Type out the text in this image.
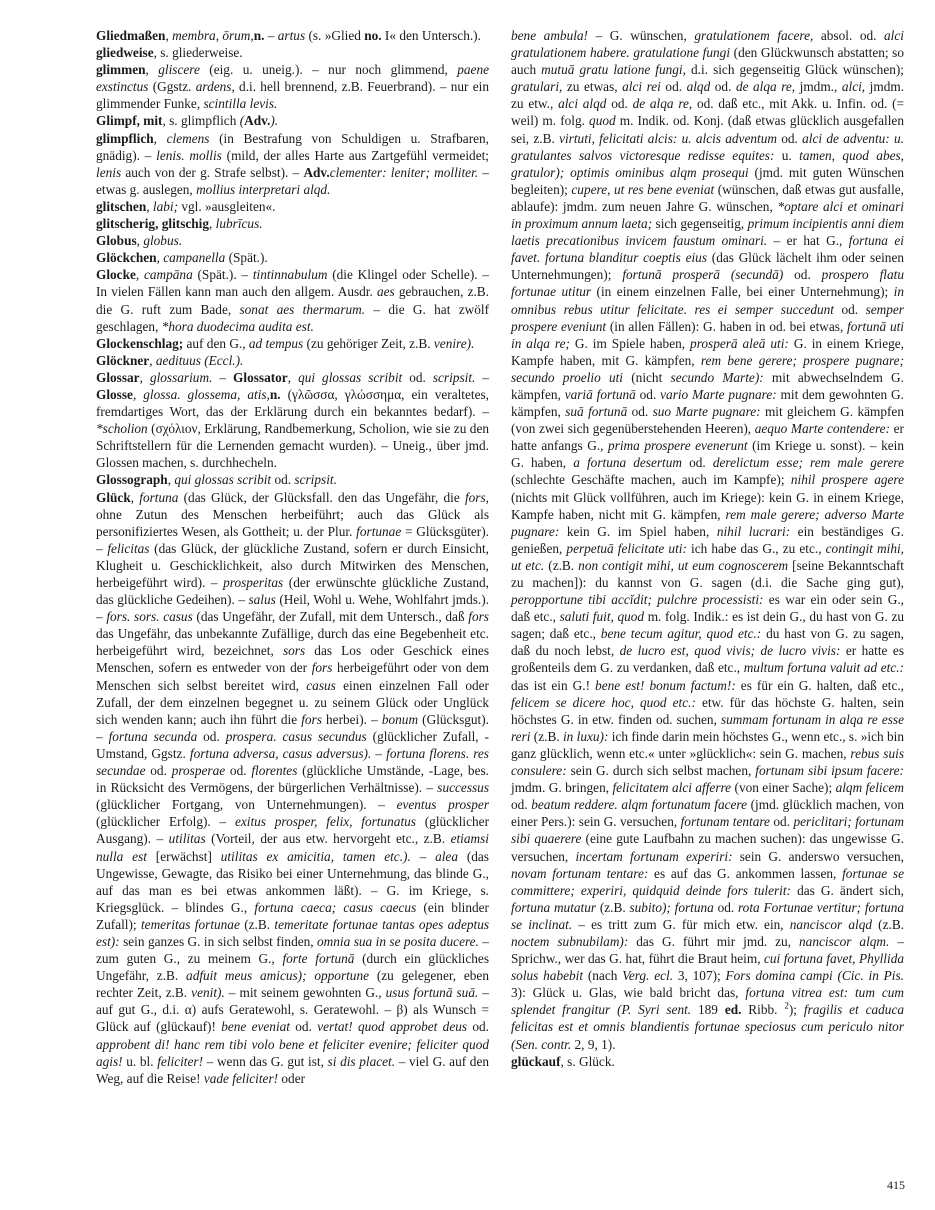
Gliedmaßen, membra, ōrum,n. – artus (s. »Glied no. I« den Untersch.).
gliedweise, s. gliederweise.
glimmen, gliscere (eig. u. uneig.). – nur noch glimmend, paene exstinctus (Ggstz. ardens, d.i. hell brennend, z.B. Feuerbrand). – nur ein glimmender Funke, scintilla levis.
Glimpf, mit, s. glimpflich (Adv.).
glimpflich, clemens (in Bestrafung von Schuldigen u. Strafbaren, gnädig). – lenis. mollis (mild, der alles Harte aus Zartgefühl vermeidet; lenis auch von der g. Strafe selbst). – Adv.clementer: leniter; molliter. – etwas g. auslegen, mollius interpretari alqd.
glitschen, labi; vgl. »ausgleiten«.
glitscherig, glitschig, lubrīcus.
Globus, globus.
Glöckchen, campanella (Spät.).
Glocke, campāna (Spät.). – tintinnabulum (die Klingel oder Schelle). – In vielen Fällen kann man auch den allgem. Ausdr. aes gebrauchen, z.B. die G. ruft zum Bade, sonat aes thermarum. – die G. hat zwölf geschlagen, *hora duodecima audita est.
Glockenschlag; auf den G., ad tempus (zu gehöriger Zeit, z.B. venire).
Glöckner, aedituus (Eccl.).
Glossar, glossarium. – Glossator, qui glossas scribit od. scripsit. – Glosse, glossa. glossema, atis,n. (γλῶσσα, γλώσσημα, ein veraltetes, fremdartiges Wort, das der Erklärung durch ein bekanntes bedarf). – *scholion (σχόλιον, Erklärung, Randbemerkung, Scholion, wie sie zu den Schriftstellern für die Lernenden gemacht wurden). – Uneig., über jmd. Glossen machen, s. durchhecheln.
Glossograph, qui glossas scribit od. scripsit.
Glück, fortuna (das Glück, der Glücksfall. den das Ungefähr, die fors, ohne Zutun des Menschen herbeiführt; auch das Glück als personifiziertes Wesen, als Gottheit; u. der Plur. fortunae = Glücksgüter). – felicitas (das Glück, der glückliche Zustand, sofern er durch Einsicht, Klugheit u. Geschicklichkeit, also durch Mitwirken des Menschen, herbeigeführt wird). – prosperitas (der erwünschte glückliche Zustand, das glückliche Gedeihen). – salus (Heil, Wohl u. Wehe, Wohlfahrt jmds.). – fors. sors. casus (das Ungefähr, der Zufall, mit dem Untersch., daß fors das Ungefähr, das unbekannte Zufällige, durch das eine Begebenheit etc. herbeigeführt wird, bezeichnet, sors das Los oder Geschick eines Menschen, sofern es entweder von der fors herbeigeführt oder von dem Menschen sich selbst bereitet wird, casus einen einzelnen Fall oder Zufall, der dem einzelnen begegnet u. zu seinem Glück oder Unglück sich wenden kann; auch ihn führt die fors herbei). – bonum (Glücksgut). – fortuna secunda od. prospera. casus secundus (glücklicher Zufall, -Umstand, Ggstz. fortuna adversa, casus adversus). – fortuna florens. res secundae od. prosperae od. florentes (glückliche Umstände, -Lage, bes. in Rücksicht des Vermögens, der bürgerlichen Verhältnisse). – successus (glücklicher Fortgang, von Unternehmungen). – eventus prosper (glücklicher Erfolg). – exitus prosper, felix, fortunatus (glücklicher Ausgang). – utilitas (Vorteil, der aus etw. hervorgeht etc., z.B. etiamsi nulla est [erwächst] utilitas ex amicitia, tamen etc.). – alea (das Ungewisse, Gewagte, das Risiko bei einer Unternehmung, das blinde G., auf das man es bei etwas ankommen läßt). – G. im Kriege, s. Kriegsglück. – blindes G., fortuna caeca; casus caecus (ein blinder Zufall); temeritas fortunae (z.B. temeritate fortunae tantas opes adeptus est): sein ganzes G. in sich selbst finden, omnia sua in se posita ducere. – zum guten G., zu meinem G., forte fortunā (durch ein glückliches Ungefähr, z.B. adfuit meus amicus); opportune (zu gelegener, eben rechter Zeit, z.B. venit). – mit seinem gewohnten G., usus fortunā suā. – auf gut G., d.i. α) aufs Geratewohl, s. Geratewohl. – β) als Wunsch = Glück auf (glückauf)! bene eveniat od. vertat! quod approbet deus od. approbent di! hanc rem tibi volo bene et feliciter evenire; feliciter quod agis! u. bl. feliciter! – wenn das G. gut ist, si dis placet. – viel G. auf den Weg, auf die Reise! vade feliciter! oder
bene ambula! – G. wünschen, gratulationem facere, absol. od. alci gratulationem habere. gratulatione fungi (den Glückwunsch abstatten; so auch mutuā gratu latione fungi, d.i. sich gegenseitig Glück wünschen); gratulari, zu etwas, alci rei od. alqd od. de alqa re, jmdm., alci, jmdm. zu etw., alci alqd od. de alqa re, od. daß etc., mit Akk. u. Infin. od. (= weil) m. folg. quod m. Indik. od. Konj. (daß etwas glücklich ausgefallen sei, z.B. virtuti, felicitati alcis: u. alcis adventum od. alci de adventu: u. gratulantes salvos victoresque redisse equites: u. tamen, quod abes, gratulor); optimis ominibus alqm prosequi (jmd. mit guten Wünschen begleiten); cupere, ut res bene eveniat (wünschen, daß etwas gut ausfalle, ablaufe): jmdm. zum neuen Jahre G. wünschen, *optare alci et ominari in proximum annum laeta; sich gegenseitig, primum incipientis anni diem laetis precationibus invicem faustum ominari. – er hat G., fortuna ei favet. fortuna blanditur coeptis eius (das Glück lächelt ihm oder seinen Unternehmungen); fortunā prosperā (secundā) od. prospero flatu fortunae utitur (in einem einzelnen Falle, bei einer Unternehmung); in omnibus rebus utitur felicitate. res ei semper succedunt od. semper prospere eveniunt (in allen Fällen): G. haben in od. bei etwas, fortunā uti in alqa re; G. im Spiele haben, prosperā aleā uti: G. in einem Kriege, Kampfe haben, mit G. kämpfen, rem bene gerere; prospere pugnare; secundo proelio uti (nicht secundo Marte): mit abwechselndem G. kämpfen, variā fortunā od. vario Marte pugnare: mit dem gewohnten G. kämpfen, suā fortunā od. suo Marte pugnare: mit gleichem G. kämpfen (von zwei sich gegenüberstehenden Heeren), aequo Marte contendere: er hatte anfangs G., prima prospere evenerunt (im Kriege u. sonst). – kein G. haben, a fortuna desertum od. derelictum esse; rem male gerere (schlechte Geschäfte machen, auch im Kampfe); nihil prospere agere (nichts mit Glück vollführen, auch im Kriege): kein G. in einem Kriege, Kampfe haben, nicht mit G. kämpfen, rem male gerere; adverso Marte pugnare: kein G. im Spiel haben, nihil lucrari: ein beständiges G. genießen, perpetuā felicitate uti: ich habe das G., zu etc., contingit mihi, ut etc. (z.B. non contigit mihi, ut eum cognoscerem [seine Bekanntschaft zu machen]): du kannst von G. sagen (d.i. die Sache ging gut), peropportune tibi accĭdit; pulchre processisti: es war ein oder sein G., daß etc., saluti fuit, quod m. folg. Indik.: es ist dein G., du hast von G. zu sagen; daß etc., bene tecum agitur, quod etc.: du hast von G. zu sagen, daß du noch lebst, de lucro est, quod vivis; de lucro vivis: er hatte es großenteils dem G. zu verdanken, daß etc., multum fortuna valuit ad etc.: das ist ein G.! bene est! bonum factum!: es für ein G. halten, daß etc., felicem se dicere hoc, quod etc.: etw. für das höchste G. halten, sein höchstes G. in etw. finden od. suchen, summam fortunam in alqa re esse reri (z.B. in luxu): ich finde darin mein höchstes G., wenn etc., s. »ich bin ganz glücklich, wenn etc.« unter »glücklich«: sein G. machen, rebus suis consulere: sein G. durch sich selbst machen, fortunam sibi ipsum facere: jmdm. G. bringen, felicitatem alci afferre (von einer Sache); alqm felicem od. beatum reddere. alqm fortunatum facere (jmd. glücklich machen, von einer Pers.): sein G. versuchen, fortunam tentare od. periclitari; fortunam sibi quaerere (eine gute Laufbahn zu machen suchen): das ungewisse G. versuchen, incertam fortunam experiri: sein G. anderswo versuchen, novam fortunam tentare: es auf das G. ankommen lassen, fortunae se committere; experiri, quidquid deinde fors tulerit: das G. ändert sich, fortuna mutatur (z.B. subito); fortuna od. rota Fortunae vertitur; fortuna se inclinat. – es tritt zum G. für mich etw. ein, nanciscor alqd (z.B. noctem subnubilam): das G. führt mir jmd. zu, nanciscor alqm. – Sprichw., wer das G. hat, führt die Braut heim, cui fortuna favet, Phyllida solus habebit (nach Verg. ecl. 3, 107); Fors domina campi (Cic. in Pis. 3): Glück u. Glas, wie bald bricht das, fortuna vitrea est: tum cum splendet frangitur (P. Syri sent. 189 ed. Ribb. $^2$); fragilis et caduca felicitas est et omnis blandientis fortunae speciosus cum periculo nitor (Sen. contr. 2, 9, 1).
glückauf, s. Glück.
415
